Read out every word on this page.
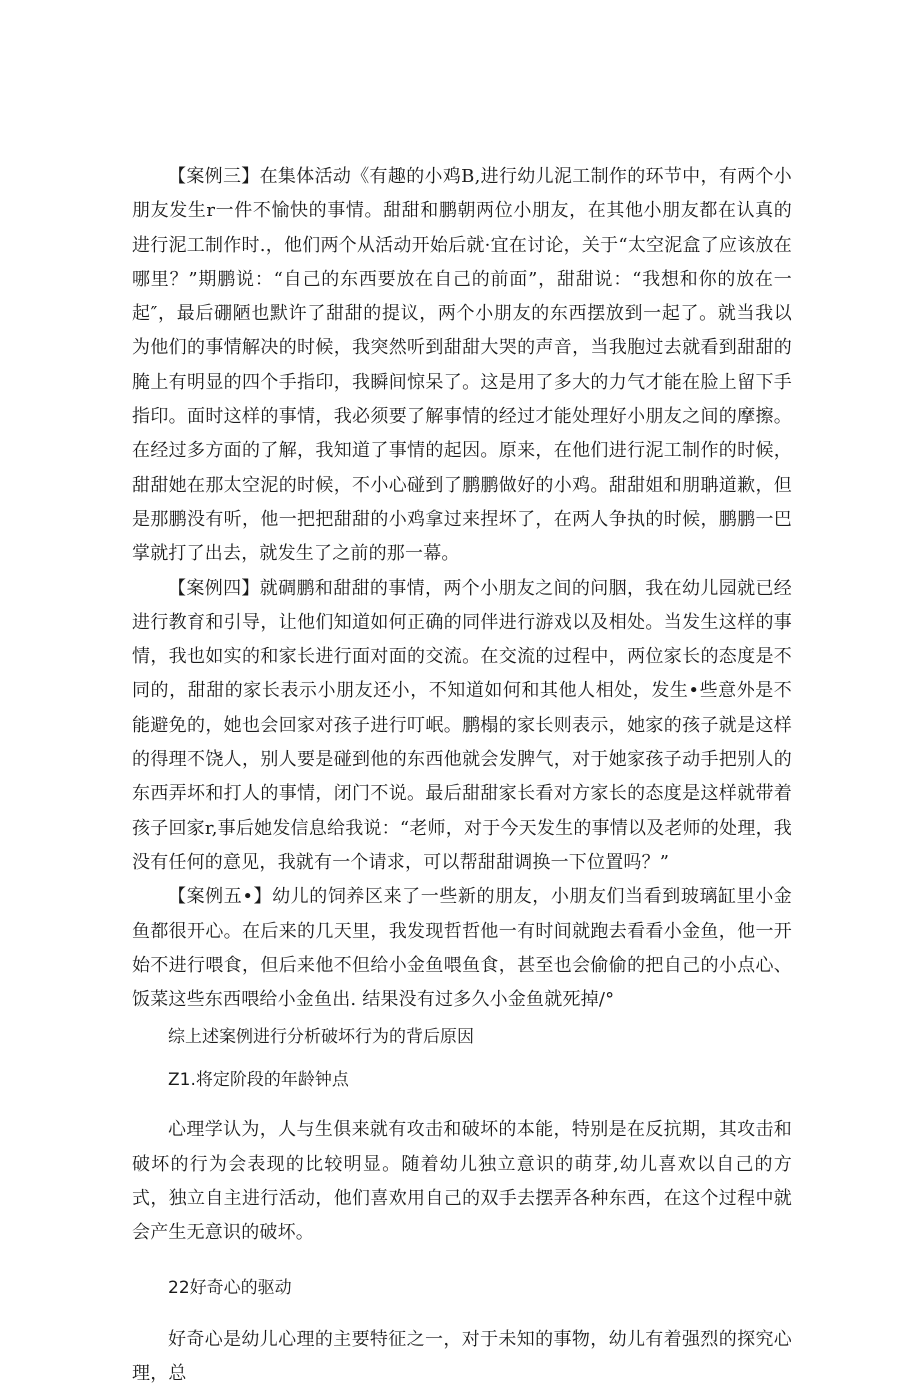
【案例三】在集体活动《有趣的小鸡B,进行幼儿泥工制作的环节中，有两个小朋友发生r一件不愉快的事情。甜甜和鹏朝两位小朋友，在其他小朋友都在认真的进行泥工制作时.，他们两个从活动开始后就·宜在讨论，关于“太空泥盒了应该放在哪里？”期鹏说：“自己的东西要放在自己的前面”，甜甜说：“我想和你的放在一起″，最后硼陋也默许了甜甜的提议，两个小朋友的东西摆放到一起了。就当我以为他们的事情解决的时候，我突然听到甜甜大哭的声音，当我胞过去就看到甜甜的腌上有明显的四个手指印，我瞬间惊呆了。这是用了多大的力气才能在脸上留下手指印。面时这样的事情，我必须要了解事情的经过才能处理好小朋友之间的摩擦。在经过多方面的了解，我知道了事情的起因。原来，在他们进行泥工制作的时候，甜甜她在那太空泥的时候，不小心碰到了鹏鹏做好的小鸡。甜甜姐和朋聃道歉，但是那鹏没有听，他一把把甜甜的小鸡拿过来捏坏了，在两人争执的时候，鹏鹏一巴掌就打了出去，就发生了之前的那一幕。

【案例四】就碉鹏和甜甜的事情，两个小朋友之间的问胭，我在幼儿园就已经进行教育和引导，让他们知道如何正确的同伴进行游戏以及相处。当发生这样的事情，我也如实的和家长进行面对面的交流。在交流的过程中，两位家长的态度是不同的，甜甜的家长表示小朋友还小，不知道如何和其他人相处，发生•些意外是不能避免的，她也会回家对孩子进行叮岷。鹏榻的家长则表示，她家的孩子就是这样的得理不饶人，别人要是碰到他的东西他就会发脾气，对于她家孩子动手把别人的东西弄坏和打人的事情，闭门不说。最后甜甜家长看对方家长的态度是这样就带着孩子回家r,事后她发信息给我说：“老师，对于今天发生的事情以及老师的处理，我没有任何的意见，我就有一个请求，可以帮甜甜调换一下位置吗？”

【案例五•】幼儿的饲养区来了一些新的朋友，小朋友们当看到玻璃缸里小金鱼都很开心。在后来的几天里，我发现哲哲他一有时间就跑去看看小金鱼，他一开始不进行喂食，但后来他不但给小金鱼喂鱼食，甚至也会偷偷的把自己的小点心、饭菜这些东西喂给小金鱼出. 结果没有过多久小金鱼就死掉/°

综上述案例进行分析破坏行为的背后原因

Z1.将定阶段的年龄钟点

心理学认为，人与生俱来就有攻击和破坏的本能，特别是在反抗期，其攻击和破坏的行为会表现的比较明显。随着幼儿独立意识的萌芽,幼儿喜欢以自己的方式，独立自主进行活动，他们喜欢用自己的双手去摆弄各种东西，在这个过程中就会产生无意识的破坏。

22好奇心的驱动

好奇心是幼儿心理的主要特征之一，对于未知的事物，幼儿有着强烈的探究心理，总
